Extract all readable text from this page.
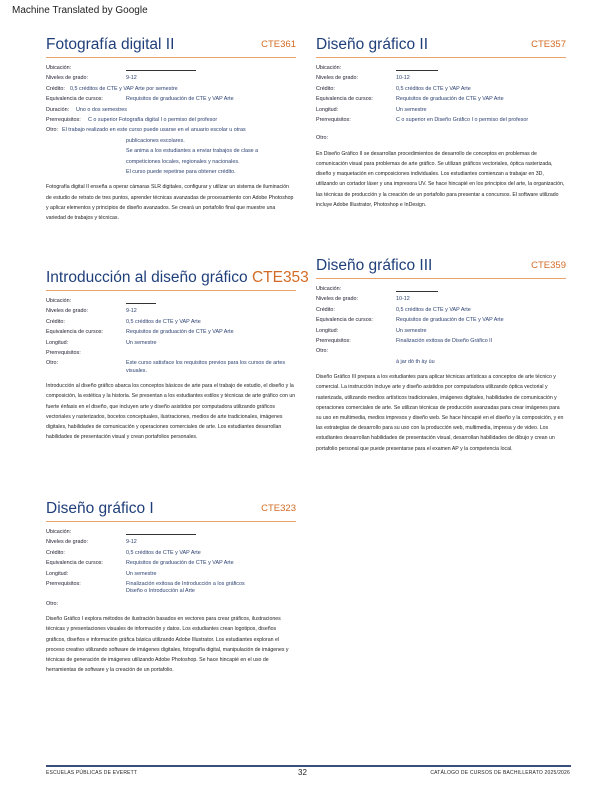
Machine Translated by Google
Fotografía digital II	CTE361
Ubicación:
Niveles de grado:	9-12
Crédito: 0,5 créditos de CTE y VAP Arte por semestre
Equivalencia de cursos:	Requisitos de graduación de CTE y VAP Arte
Duración:	Uno o dos semestres
Prerrequisitos:	C o superior Fotografía digital I o permiso del profesor
Otro: El trabajo realizado en este curso puede usarse en el anuario escolar u otras
publicaciones escolares.
Se anima a los estudiantes a enviar trabajos de clase a
competiciones locales, regionales y nacionales.
El curso puede repetirse para obtener crédito.

Fotografía digital II enseña a operar cámaras SLR digitales, configurar y utilizar un sistema de iluminación de estudio de retrato de tres puntos, aprender técnicas avanzadas de procesamiento con Adobe Photoshop y aplicar elementos y principios de diseño avanzados. Se creará un portafolio final que muestre una variedad de trabajos y técnicas.

Introducción al diseño gráfico CTE353
Ubicación:
Niveles de grado:	9-12
Crédito:	0,5 créditos de CTE y VAP Arte
Equivalencia de cursos:	Requisitos de graduación de CTE y VAP Arte
Longitud:	Un semestre
Prerrequisitos:
Otro:	Este curso satisface los requisitos previos para los cursos de artes
visuales.

Introducción al diseño gráfico abarca los conceptos básicos de arte para el trabajo de estudio, el diseño y la composición, la estética y la historia. Se presentan a los estudiantes estilos y técnicas de arte gráfico con un fuerte énfasis en el diseño, que incluyen arte y diseño asistidos por computadora utilizando gráficos vectoriales y rasterizados, bocetos conceptuales, ilustraciones, medios de arte tradicionales, imágenes digitales, habilidades de comunicación y operaciones comerciales de arte. Los estudiantes desarrollan habilidades de presentación visual y crean portafolios personales.

Diseño gráfico I	CTE323
Ubicación:
Niveles de grado:	9-12
Crédito:	0,5 créditos de CTE y VAP Arte
Equivalencia de cursos:	Requisitos de graduación de CTE y VAP Arte
Longitud:	Un semestre
Prerrequisitos:	Finalización exitosa de Introducción a los gráficos
Diseño o Introducción al Arte
Otro:

Diseño Gráfico I explora métodos de ilustración basados en vectores para crear gráficos, ilustraciones técnicas y presentaciones visuales de información y datos. Los estudiantes crean logotipos, diseños gráficos, diseños e información gráfica básica utilizando Adobe Illustrator. Los estudiantes exploran el proceso creativo utilizando software de imágenes digitales, fotografía digital, manipulación de imágenes y técnicas de generación de imágenes utilizando Adobe Photoshop. Se hace hincapié en el uso de herramientas de software y la creación de un portafolio.

Diseño gráfico II	CTE357
Ubicación:
Niveles de grado:	10-12
Crédito:	0,5 créditos de CTE y VAP Arte
Equivalencia de cursos:	Requisitos de graduación de CTE y VAP Arte
Longitud:	Un semestre
Prerrequisitos:	C o superior en Diseño Gráfico I o permiso del profesor
Otro:

En Diseño Gráfico II se desarrollan procedimientos de desarrollo de conceptos en problemas de comunicación visual para problemas de arte gráfico. Se utilizan gráficos vectoriales, óptica rasterizada, diseño y maquetación en composiciones individuales. Los estudiantes comienzan a trabajar en 3D, utilizando un cortador láser y una impresora UV. Se hace hincapié en los principios del arte, la organización, las técnicas de producción y la creación de un portafolio para presentar a concursos. El software utilizado incluye Adobe Illustrator, Photoshop e InDesign.

Diseño gráfico III	CTE359
Ubicación:
Niveles de grado:	10-12
Crédito:	0,5 créditos de CTE y VAP Arte
Equivalencia de cursos:	Requisitos de graduación de CTE y VAP Arte
Longitud:	Un semestre
Prerrequisitos:	Finalización exitosa de Diseño Gráfico II
Otro:
à jar dò th ày ùu

Diseño Gráfico III prepara a los estudiantes para aplicar técnicas artísticas a conceptos de arte técnico y comercial. La instrucción incluye arte y diseño asistidos por computadora utilizando óptica vectorial y rasterizada, utilizando medios artísticos tradicionales, imágenes digitales, habilidades de comunicación y operaciones comerciales de arte. Se utilizan técnicas de producción avanzadas para crear imágenes para su uso en multimedia, medios impresos y diseño web. Se hace hincapié en el diseño y la composición, y en las estrategias de desarrollo para su uso con la producción web, multimedia, impresa y de video. Los estudiantes desarrollan habilidades de presentación visual, desarrollan habilidades de dibujo y crean un portafolio personal que puede presentarse para el examen AP y la competencia local.

ESCUELAS PÚBLICAS DE EVERETT	32	CATÁLOGO DE CURSOS DE BACHILLERATO 2025/2026
